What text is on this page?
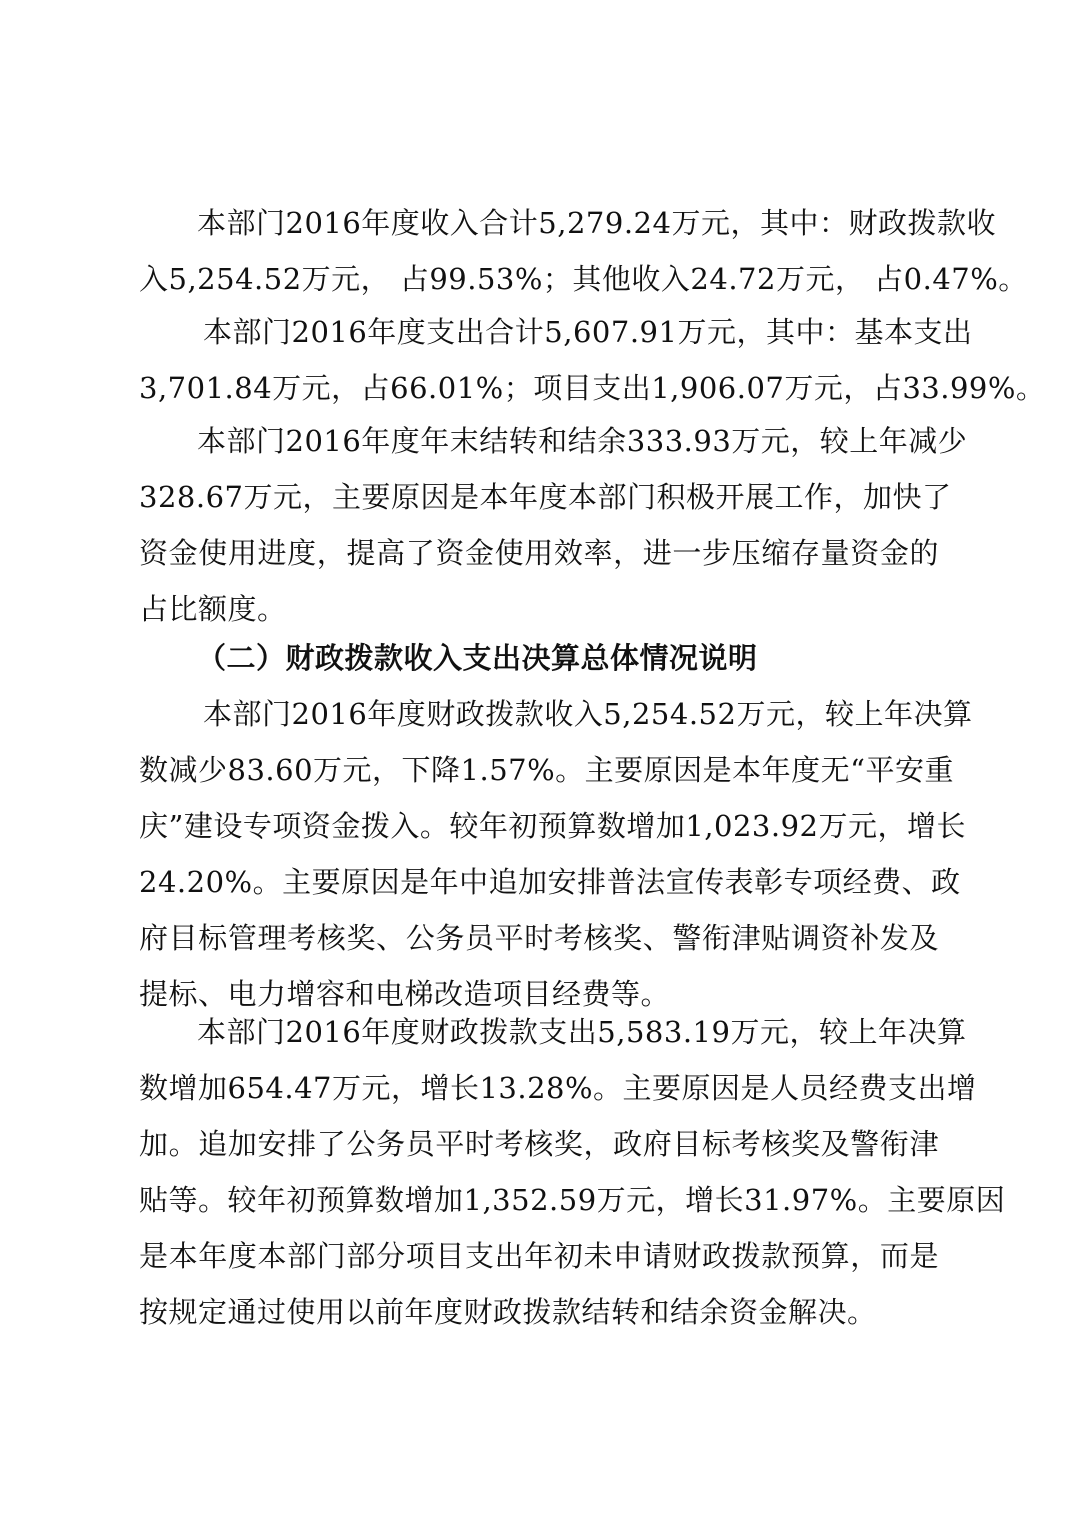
本部门2016年度收入合计5,279.24万元，其中：财政拨款收
入5,254.52万元， 占99.53%；其他收入24.72万元， 占0.47%。
本部门2016年度支出合计5,607.91万元，其中：基本支出
3,701.84万元，占66.01%；项目支出1,906.07万元，占33.99%。
本部门2016年度年末结转和结余333.93万元，较上年减少
328.67万元，主要原因是本年度本部门积极开展工作，加快了
资金使用进度，提高了资金使用效率，进一步压缩存量资金的
占比额度。
（二）财政拨款收入支出决算总体情况说明
本部门2016年度财政拨款收入5,254.52万元，较上年决算
数减少83.60万元，下降1.57%。主要原因是本年度无“平安重
庆”建设专项资金拨入。较年初预算数增加1,023.92万元，增长
24.20%。主要原因是年中追加安排普法宣传表彰专项经费、政
府目标管理考核奖、公务员平时考核奖、警衔津贴调资补发及
提标、电力增容和电梯改造项目经费等。
本部门2016年度财政拨款支出5,583.19万元，较上年决算
数增加654.47万元，增长13.28%。主要原因是人员经费支出增
加。追加安排了公务员平时考核奖，政府目标考核奖及警衔津
贴等。较年初预算数增加1,352.59万元，增长31.97%。主要原因
是本年度本部门部分项目支出年初未申请财政拨款预算，而是
按规定通过使用以前年度财政拨款结转和结余资金解决。
